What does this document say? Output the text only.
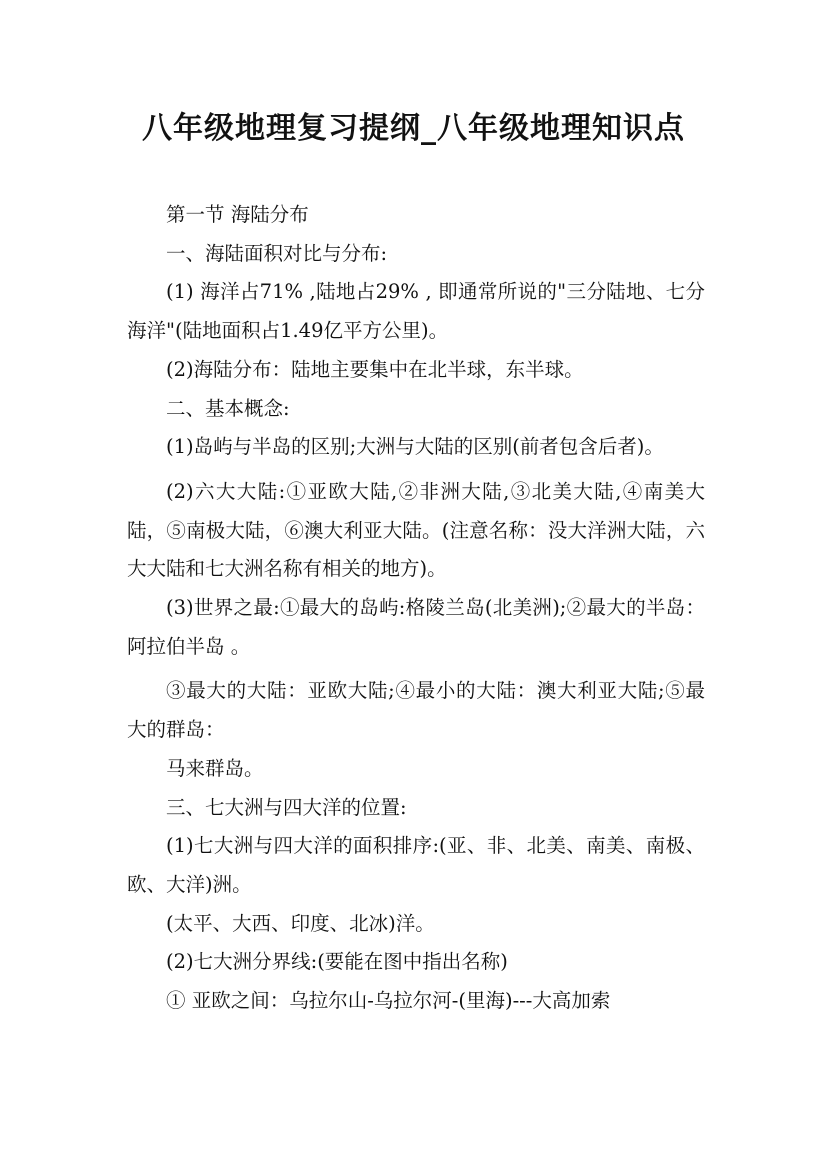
八年级地理复习提纲_八年级地理知识点

第一节 海陆分布

一、海陆面积对比与分布:

(1) 海洋占71% ,陆地占29% , 即通常所说的"三分陆地、七分海洋"(陆地面积占1.49亿平方公里)。

(2)海陆分布：陆地主要集中在北半球，东半球。

二、基本概念:

(1)岛屿与半岛的区别;大洲与大陆的区别(前者包含后者)。

(2)六大大陆:①亚欧大陆,②非洲大陆,③北美大陆,④南美大陆，⑤南极大陆，⑥澳大利亚大陆。(注意名称：没大洋洲大陆，六大大陆和七大洲名称有相关的地方)。

(3)世界之最:①最大的岛屿:格陵兰岛(北美洲);②最大的半岛： 阿拉伯半岛 。

③最大的大陆：亚欧大陆;④最小的大陆：澳大利亚大陆;⑤最大的群岛：

马来群岛。

三、七大洲与四大洋的位置:

(1)七大洲与四大洋的面积排序:(亚、非、北美、南美、南极、欧、大洋)洲。

(太平、大西、印度、北冰)洋。

(2)七大洲分界线:(要能在图中指出名称)

① 亚欧之间：乌拉尔山-乌拉尔河-(里海)---大高加索
